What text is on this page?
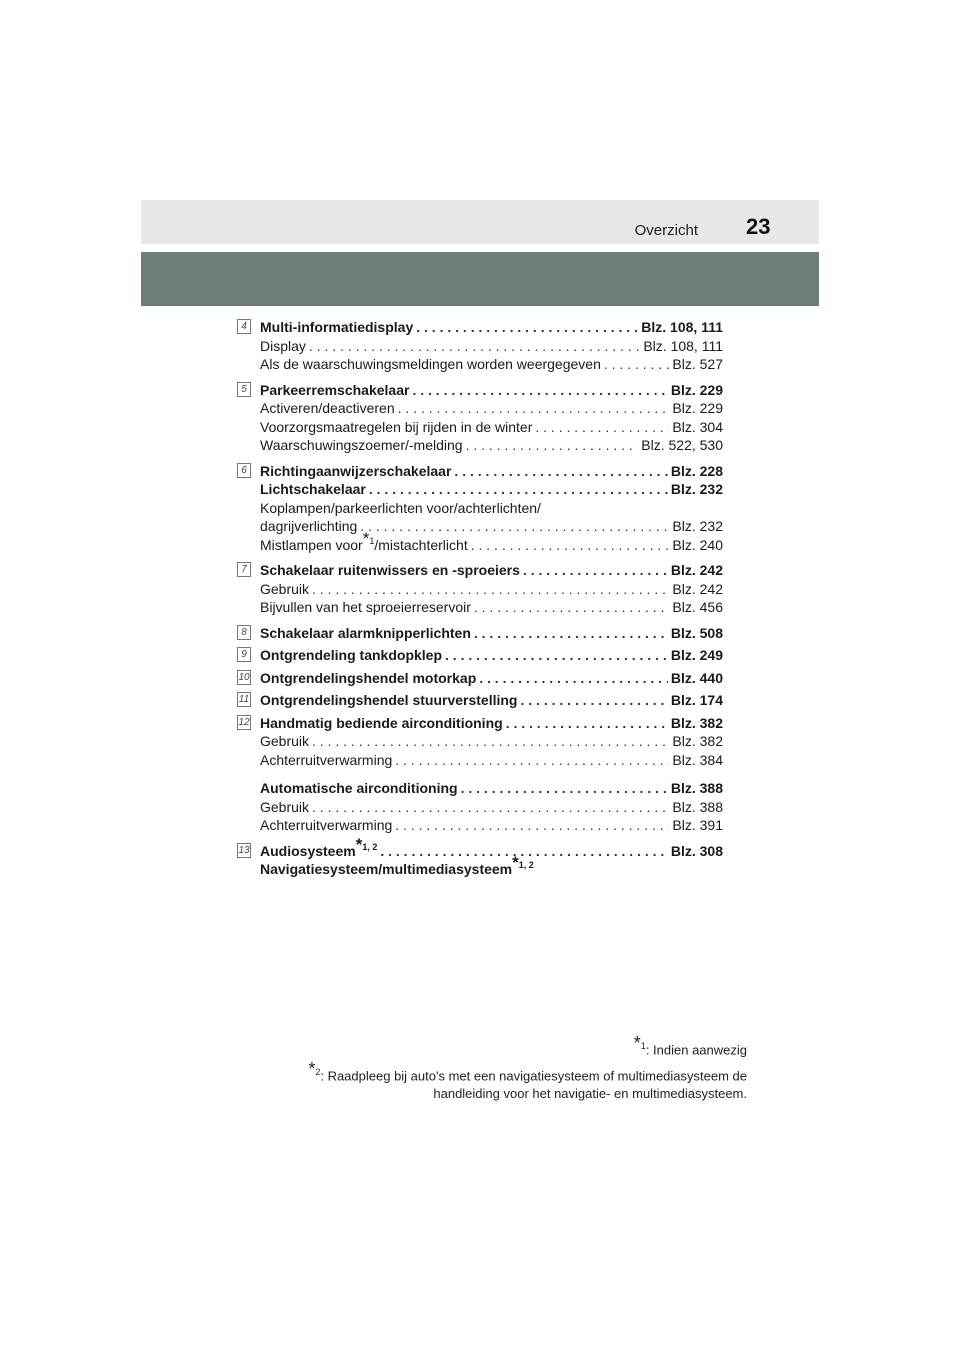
Overzicht 23
4 Multi-informatiedisplay . . .	Blz. 108, 111
Display . . .	Blz. 108, 111
Als de waarschuwingsmeldingen worden weergegeven . . .	Blz. 527
5 Parkeerremschakelaar . . .	Blz. 229
Activeren/deactiveren . . .	Blz. 229
Voorzorgsmaatregelen bij rijden in de winter . . .	Blz. 304
Waarschuwingszoemer/-melding . . .	Blz. 522, 530
6 Richtingaanwijzerschakelaar . . .	Blz. 228
Lichtschakelaar . . .	Blz. 232
Koplampen/parkeerlichten voor/achterlichten/
dagrijverlichting . . .	Blz. 232
Mistlampen voor$^{*1}$/mistachterlicht . . .	Blz. 240
7 Schakelaar ruitenwissers en -sproeiers . . .	Blz. 242
Gebruik . . .	Blz. 242
Bijvullen van het sproeierreservoir . . .	Blz. 456
8 Schakelaar alarmknipperlichten . . .	Blz. 508
9 Ontgrendeling tankdopklep . . .	Blz. 249
10 Ontgrendelingshendel motorkap . . .	Blz. 440
11 Ontgrendelingshendel stuurverstelling . . .	Blz. 174
12 Handmatig bediende airconditioning . . .	Blz. 382
Gebruik . . .	Blz. 382
Achterruitverwarming . . .	Blz. 384
Automatische airconditioning . . .	Blz. 388
Gebruik . . .	Blz. 388
Achterruitverwarming . . .	Blz. 391
13 Audiosysteem$^{*1, 2}$ . . .	Blz. 308
Navigatiesysteem/multimediasysteem$^{*1, 2}$
$^{*1}$: Indien aanwezig
$^{*2}$: Raadpleeg bij auto's met een navigatiesysteem of multimediasysteem de handleiding voor het navigatie- en multimediasysteem.
